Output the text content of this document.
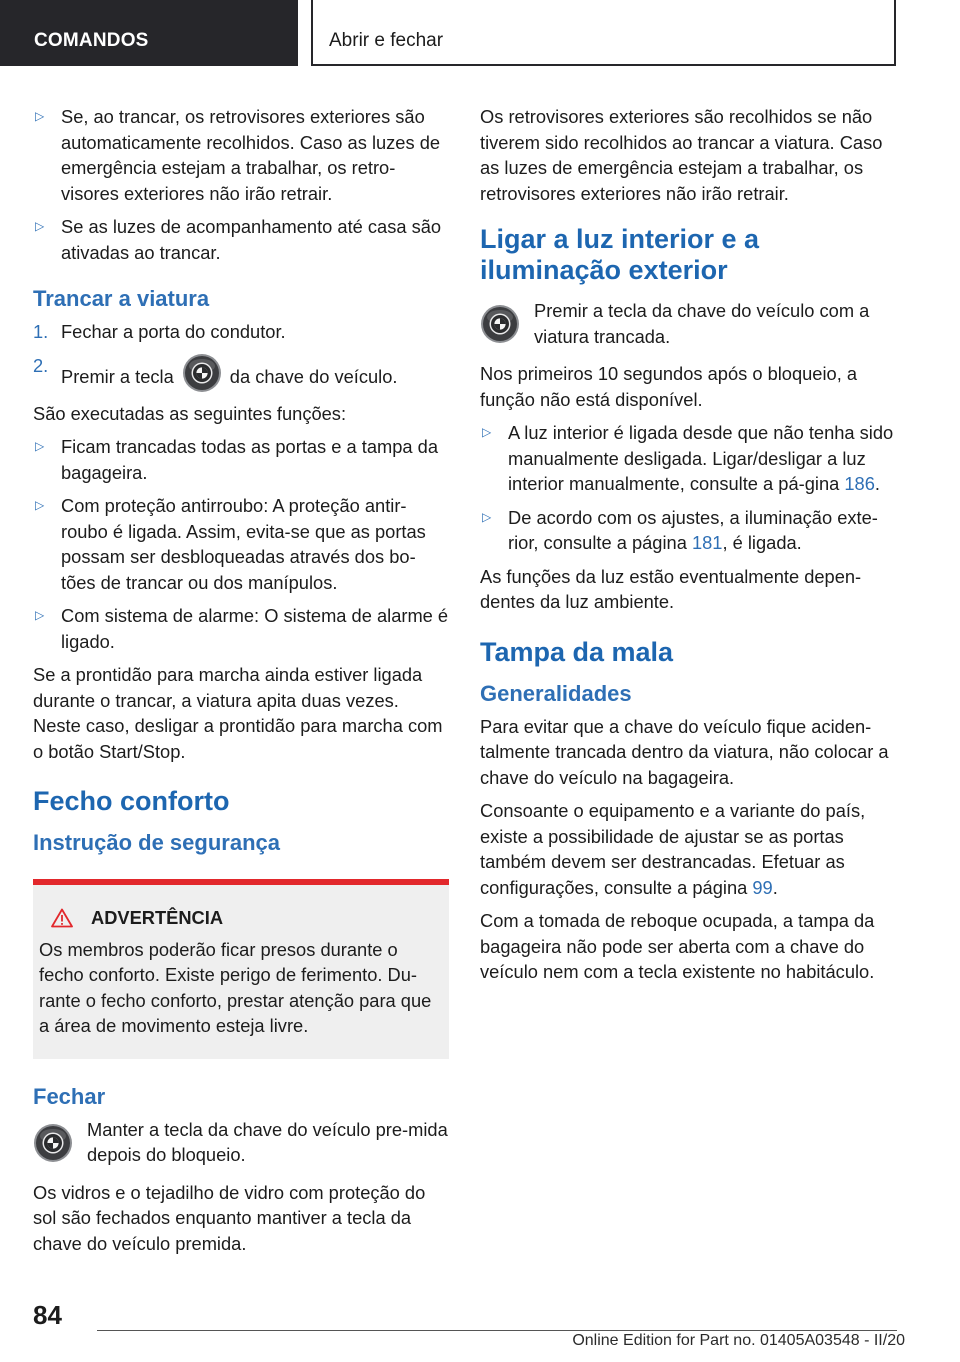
COMANDOS	Abrir e fechar
▷ Se, ao trancar, os retrovisores exteriores são automaticamente recolhidos. Caso as luzes de emergência estejam a trabalhar, os retro-visores exteriores não irão retrair.
▷ Se as luzes de acompanhamento até casa são ativadas ao trancar.
Trancar a viatura
1. Fechar a porta do condutor.
2.
Premir a tecla	da chave do veículo.

São executadas as seguintes funções:

▷ Ficam trancadas todas as portas e a tampa da bagageira.
▷ Com proteção antirroubo: A proteção antir-roubo é ligada. Assim, evita-se que as portas possam ser desbloqueadas através dos bo-tões de trancar ou dos manípulos.
▷ Com sistema de alarme: O sistema de alarme é ligado.

Se a prontidão para marcha ainda estiver ligada durante o trancar, a viatura apita duas vezes. Neste caso, desligar a prontidão para marcha com o botão Start/Stop.

Fecho conforto
Instrução de segurança
ADVERTÊNCIA
Os membros poderão ficar presos durante o fecho conforto. Existe perigo de ferimento. Du-rante o fecho conforto, prestar atenção para que a área de movimento esteja livre.
Fechar
Manter a tecla da chave do veículo pre-mida depois do bloqueio.

Os vidros e o tejadilho de vidro com proteção do sol são fechados enquanto mantiver a tecla da chave do veículo premida.

Os retrovisores exteriores são recolhidos se não tiverem sido recolhidos ao trancar a viatura. Caso as luzes de emergência estejam a trabalhar, os retrovisores exteriores não irão retrair.

Ligar a luz interior e a iluminação exterior
Premir a tecla da chave do veículo com a viatura trancada.

Nos primeiros 10 segundos após o bloqueio, a função não está disponível.

▷ A luz interior é ligada desde que não tenha sido manualmente desligada. Ligar/desligar a luz interior manualmente, consulte a pá-gina 186.
▷ De acordo com os ajustes, a iluminação exte-rior, consulte a página 181, é ligada.

As funções da luz estão eventualmente depen-dentes da luz ambiente.

Tampa da mala
Generalidades

Para evitar que a chave do veículo fique aciden-talmente trancada dentro da viatura, não colocar a chave do veículo na bagageira.

Consoante o equipamento e a variante do país, existe a possibilidade de ajustar se as portas também devem ser destrancadas. Efetuar as configurações, consulte a página 99.

Com a tomada de reboque ocupada, a tampa da bagageira não pode ser aberta com a chave do veículo nem com a tecla existente no habitáculo.

84
Online Edition for Part no. 01405A03548 - II/20
